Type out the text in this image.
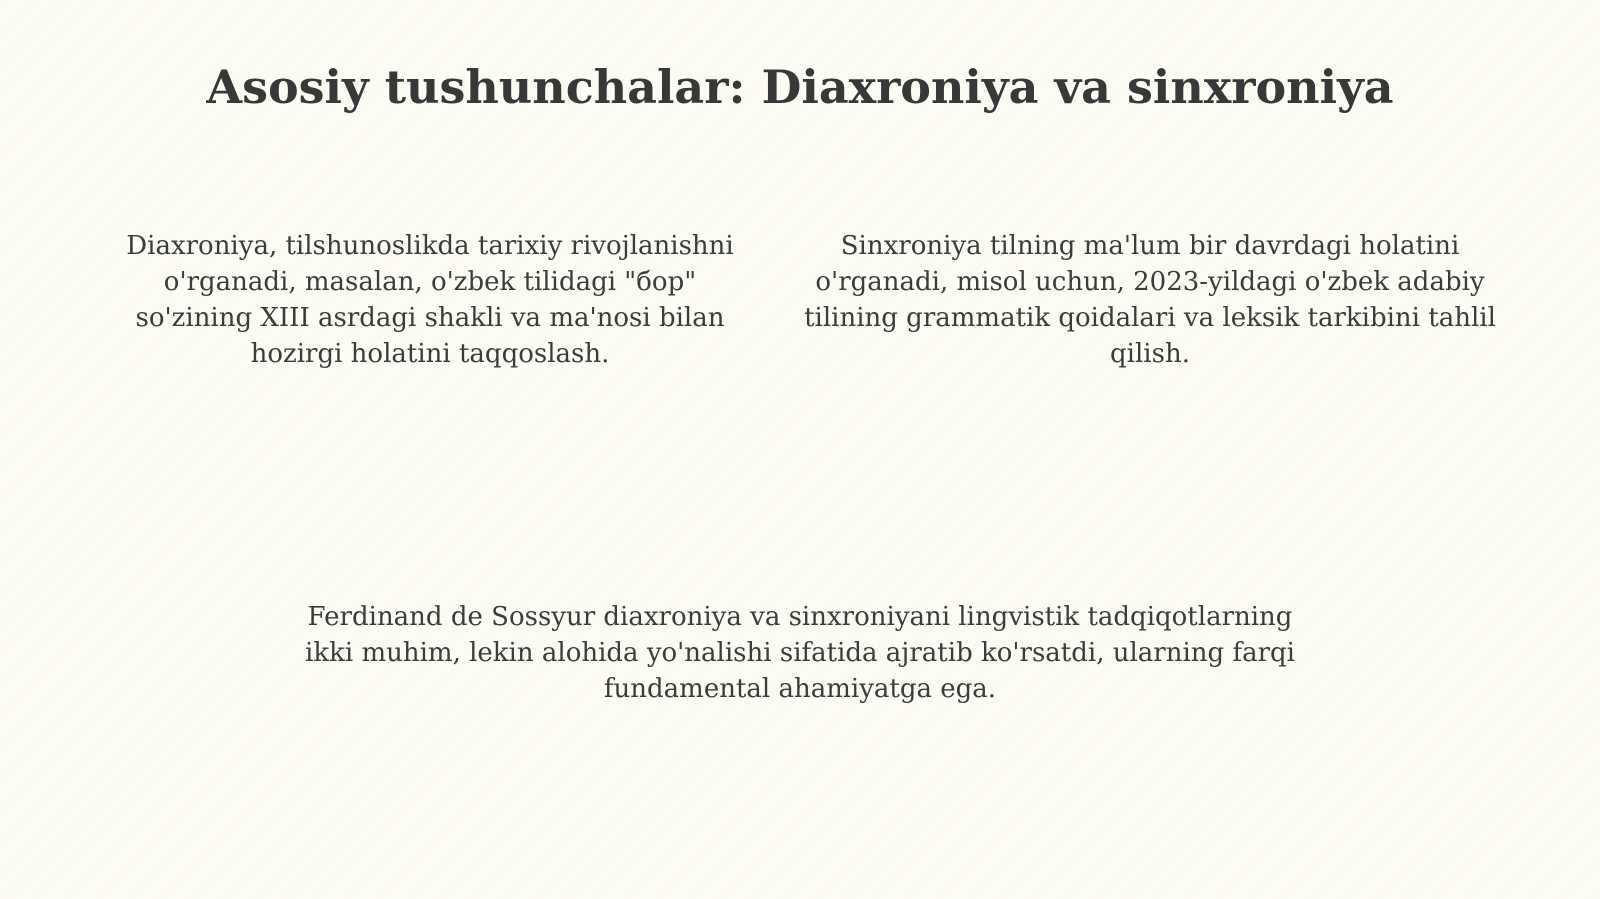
Asosiy tushunchalar: Diaxroniya va sinxroniya

Diaxroniya, tilshunoslikda tarixiy rivojlanishni o'rganadi, masalan, o'zbek tilidagi "бор" so'zining XIII asrdagi shakli va ma'nosi bilan hozirgi holatini taqqoslash.

Sinxroniya tilning ma'lum bir davrdagi holatini o'rganadi, misol uchun, 2023-yildagi o'zbek adabiy tilining grammatik qoidalari va leksik tarkibini tahlil qilish.

Ferdinand de Sossyur diaxroniya va sinxroniyani lingvistik tadqiqotlarning ikki muhim, lekin alohida yo'nalishi sifatida ajratib ko'rsatdi, ularning farqi fundamental ahamiyatga ega.
